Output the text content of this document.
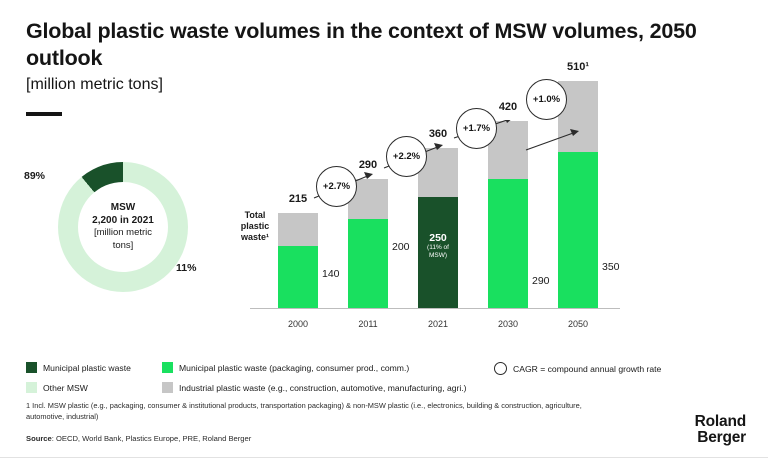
Global plastic waste volumes in the context of MSW volumes, 2050 outlook
[million metric tons]
89%
MSW
2,200 in 2021
[million metric
tons]
11%
Total plastic waste¹
215
140
2000
290
200
2011
360
250
(11% of MSW)
2021
420
290
2030
510¹
350
2050
+2.7%
+2.2%
+1.7%
+1.0%
Municipal plastic waste	Municipal plastic waste (packaging, consumer prod., comm.)	CAGR = compound annual growth rate
Other MSW	Industrial plastic waste (e.g., construction, automotive, manufacturing, agri.)
1 Incl. MSW plastic (e.g., packaging, consumer & institutional products, transportation packaging) & non-MSW plastic (i.e., electronics, building & construction, agriculture, automotive, industrial)
Source: OECD, World Bank, Plastics Europe, PRE, Roland Berger
Roland
Berger
